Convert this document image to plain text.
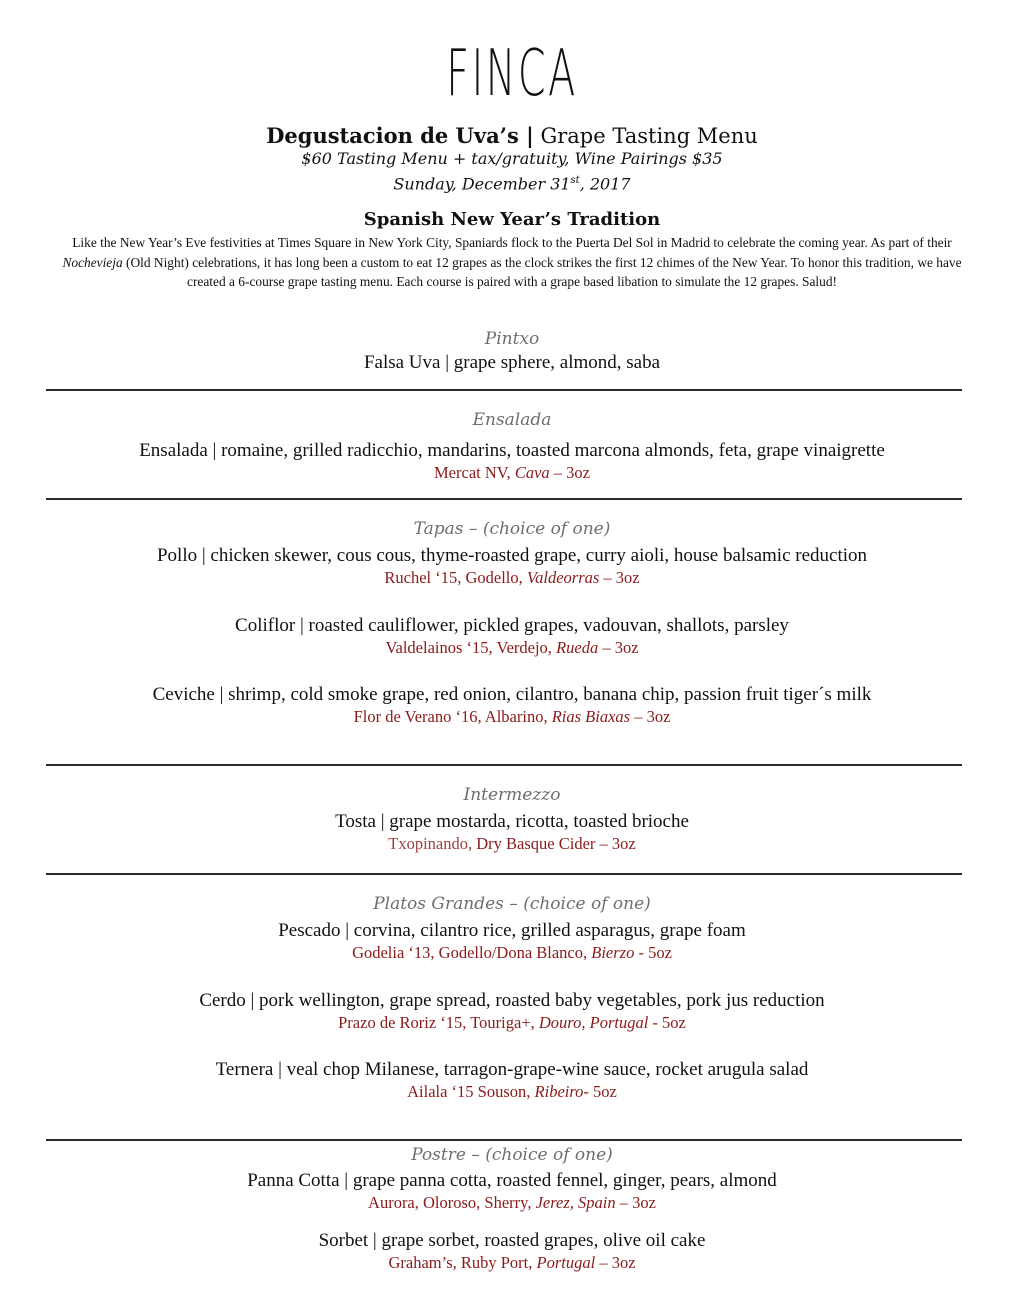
FINCA
Degustacion de Uva’s | Grape Tasting Menu
$60 Tasting Menu + tax/gratuity, Wine Pairings $35
Sunday, December 31st, 2017
Spanish New Year’s Tradition
Like the New Year’s Eve festivities at Times Square in New York City, Spaniards flock to the Puerta Del Sol in Madrid to celebrate the coming year. As part of their Nochevieja (Old Night) celebrations, it has long been a custom to eat 12 grapes as the clock strikes the first 12 chimes of the New Year. To honor this tradition, we have created a 6-course grape tasting menu. Each course is paired with a grape based libation to simulate the 12 grapes. Salud!
Pintxo
Falsa Uva | grape sphere, almond, saba
Ensalada
Ensalada | romaine, grilled radicchio, mandarins, toasted marcona almonds, feta, grape vinaigrette
Mercat NV, Cava – 3oz
Tapas – (choice of one)
Pollo | chicken skewer, cous cous, thyme-roasted grape, curry aioli, house balsamic reduction
Ruchel ‘15, Godello, Valdeorras – 3oz
Coliflor | roasted cauliflower, pickled grapes, vadouvan, shallots, parsley
Valdelainos ‘15, Verdejo, Rueda – 3oz
Ceviche | shrimp, cold smoke grape, red onion, cilantro, banana chip, passion fruit tiger´s milk
Flor de Verano ‘16, Albarino, Rias Biaxas – 3oz
Intermezzo
Tosta | grape mostarda, ricotta, toasted brioche
Txopinando, Dry Basque Cider – 3oz
Platos Grandes – (choice of one)
Pescado | corvina, cilantro rice, grilled asparagus, grape foam
Godelia ‘13, Godello/Dona Blanco, Bierzo - 5oz
Cerdo | pork wellington, grape spread, roasted baby vegetables, pork jus reduction
Prazo de Roriz ‘15, Touriga+, Douro, Portugal - 5oz
Ternera | veal chop Milanese, tarragon-grape-wine sauce, rocket arugula salad
Ailala ‘15 Souson, Ribeiro- 5oz
Postre – (choice of one)
Panna Cotta | grape panna cotta, roasted fennel, ginger, pears, almond
Aurora, Oloroso, Sherry, Jerez, Spain – 3oz
Sorbet | grape sorbet, roasted grapes, olive oil cake
Graham’s, Ruby Port, Portugal – 3oz
